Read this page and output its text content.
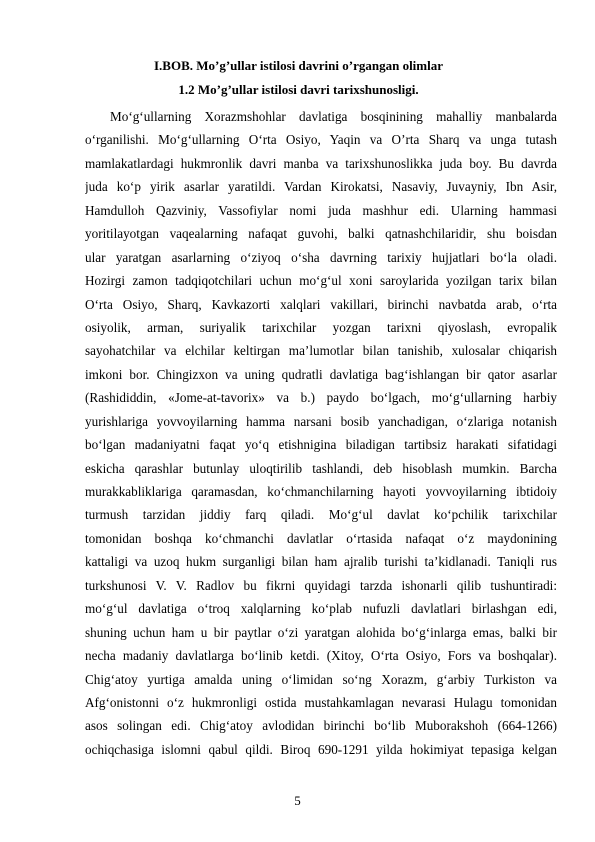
I.BOB. Mo’g’ullar istilosi davrini o’rgangan olimlar
1.2 Mo’g’ullar istilosi davri tarixshunosligi.
Mo‘g‘ullarning Xorazmshohlar davlatiga bosqinining mahalliy manbalarda
o‘rganilishi. Mo‘g‘ullarning O‘rta Osiyo, Yaqin va O’rta Sharq va unga tutash
mamlakatlardagi hukmronlik davri manba va tarixshunoslikka juda boy. Bu davrda
juda ko‘p yirik asarlar yaratildi. Vardan Kirokatsi, Nasaviy, Juvayniy, Ibn Asir,
Hamdulloh Qazviniy, Vassofiylar nomi juda mashhur edi. Ularning hammasi
yoritilayotgan vaqealarning nafaqat guvohi, balki qatnashchilaridir, shu boisdan
ular yaratgan asarlarning o‘ziyoq o‘sha davrning tarixiy hujjatlari bo‘la oladi.
Hozirgi zamon tadqiqotchilari uchun mo‘g‘ul xoni saroylarida yozilgan tarix bilan
O‘rta Osiyo, Sharq, Kavkazorti xalqlari vakillari, birinchi navbatda arab, o‘rta
osiyolik, arman, suriyalik tarixchilar yozgan tarixni qiyoslash, evropalik
sayohatchilar va elchilar keltirgan ma’lumotlar bilan tanishib, xulosalar chiqarish
imkoni bor. Chingizxon va uning qudratli davlatiga bag‘ishlangan bir qator asarlar
(Rashididdin, «Jome-at-tavorix» va b.) paydo bo‘lgach, mo‘g‘ullarning harbiy
yurishlariga yovvoyilarning hamma narsani bosib yanchadigan, o‘zlariga notanish
bo‘lgan madaniyatni faqat yo‘q etishnigina biladigan tartibsiz harakati sifatidagi
eskicha qarashlar butunlay uloqtirilib tashlandi, deb hisoblash mumkin. Barcha
murakkabliklariga qaramasdan, ko‘chmanchilarning hayoti yovvoyilarning ibtidoiy
turmush tarzidan jiddiy farq qiladi. Mo‘g‘ul davlat ko‘pchilik tarixchilar
tomonidan boshqa ko‘chmanchi davlatlar o‘rtasida nafaqat o‘z maydonining
kattaligi va uzoq hukm surganligi bilan ham ajralib turishi ta’kidlanadi. Taniqli rus
turkshunosi V. V. Radlov bu fikrni quyidagi tarzda ishonarli qilib tushuntiradi:
mo‘g‘ul davlatiga o‘troq xalqlarning ko‘plab nufuzli davlatlari birlashgan edi,
shuning uchun ham u bir paytlar o‘zi yaratgan alohida bo‘g‘inlarga emas, balki bir
necha madaniy davlatlarga bo‘linib ketdi. (Xitoy, O‘rta Osiyo, Fors va boshqalar).
Chig‘atoy yurtiga amalda uning o‘limidan so‘ng Xorazm, g‘arbiy Turkiston va
Afg‘onistonni o‘z hukmronligi ostida mustahkamlagan nevarasi Hulagu tomonidan
asos solingan edi. Chig‘atoy avlodidan birinchi bo‘lib Muborakshoh (664-1266)
ochiqchasiga islomni qabul qildi. Biroq 690-1291 yilda hokimiyat tepasiga kelgan
5
